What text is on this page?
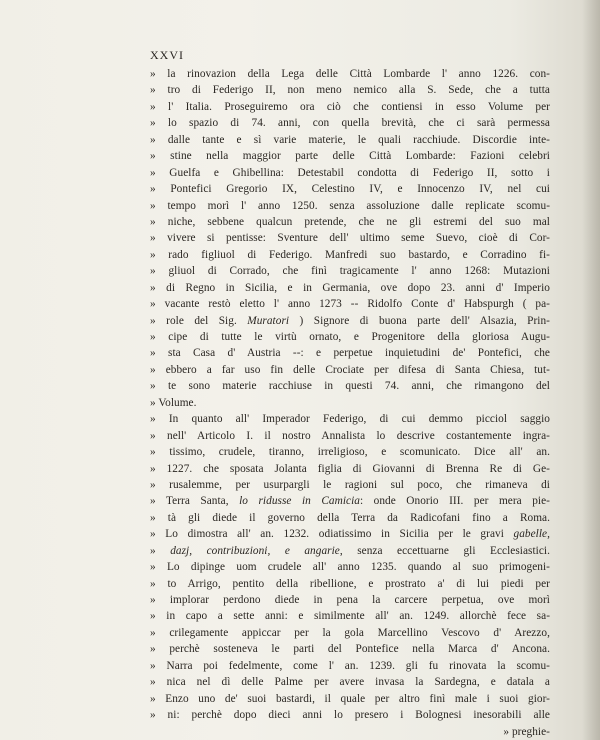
XXVI
» la rinovazion della Lega delle Città Lombarde l' anno 1226. con-
» tro di Federigo II, non meno nemico alla S. Sede, che a tutta
» l' Italia. Proseguiremo ora ciò che contiensi in esso Volume per
» lo spazio di 74. anni, con quella brevità, che ci sarà permessa
» dalle tante e sì varie materie, le quali racchiude. Discordie inte-
» stine nella maggior parte delle Città Lombarde: Fazioni celebri
» Guelfa e Ghibellina: Detestabil condotta di Federigo II, sotto i
» Pontefici Gregorio IX, Celestino IV, e Innocenzo IV, nel cui
» tempo morì l' anno 1250. senza assoluzione dalle replicate scomu-
» niche, sebbene qualcun pretende, che ne gli estremi del suo mal
» vivere si pentisse: Sventure dell' ultimo seme Suevo, cioè di Cor-
» rado figliuol di Federigo. Manfredi suo bastardo, e Corradino fi-
» gliuol di Corrado, che finì tragicamente l' anno 1268: Mutazioni
» di Regno in Sicilia, e in Germania, ove dopo 23. anni d' Imperio
» vacante restò eletto l' anno 1273 -- Ridolfo Conte d' Habspurgh ( pa-
» role del Sig. Muratori ) Signore di buona parte dell' Alsazia, Prin-
» cipe di tutte le virtù ornato, e Progenitore della gloriosa Augu-
» sta Casa d' Austria --: e perpetue inquietudini de' Pontefici, che
» ebbero a far uso fin delle Crociate per difesa di Santa Chiesa, tut-
» te sono materie racchiuse in questi 74. anni, che rimangono del
» Volume.
» In quanto all' Imperador Federigo, di cui demmo picciol saggio
» nell' Articolo I. il nostro Annalista lo descrive costantemente ingra-
» tissimo, crudele, tiranno, irreligioso, e scomunicato. Dice all' an.
» 1227. che sposata Jolanta figlia di Giovanni di Brenna Re di Ge-
» rusalemme, per usurpargli le ragioni sul poco, che rimaneva di
» Terra Santa, lo ridusse in Camicia: onde Onorio III. per mera pie-
» tà gli diede il governo della Terra da Radicofani fino a Roma.
» Lo dimostra all' an. 1232. odiatissimo in Sicilia per le gravi gabelle,
» dazj, contribuzioni, e angarie, senza eccettuarne gli Ecclesiastici.
» Lo dipinge uom crudele all' anno 1235. quando al suo primogeni-
» to Arrigo, pentito della ribellione, e prostrato a' di lui piedi per
» implorar perdono diede in pena la carcere perpetua, ove morì
» in capo a sette anni: e similmente all' an. 1249. allorchè fece sa-
» crilegamente appiccar per la gola Marcellino Vescovo d' Arezzo,
» perchè sosteneva le parti del Pontefice nella Marca d' Ancona.
» Narra poi fedelmente, come l' an. 1239. gli fu rinovata la scomu-
» nica nel dì delle Palme per avere invasa la Sardegna, e datala a
» Enzo uno de' suoi bastardi, il quale per altro finì male i suoi gior-
» ni: perchè dopo dieci anni lo presero i Bolognesi inesorabili alle
» preghie-
